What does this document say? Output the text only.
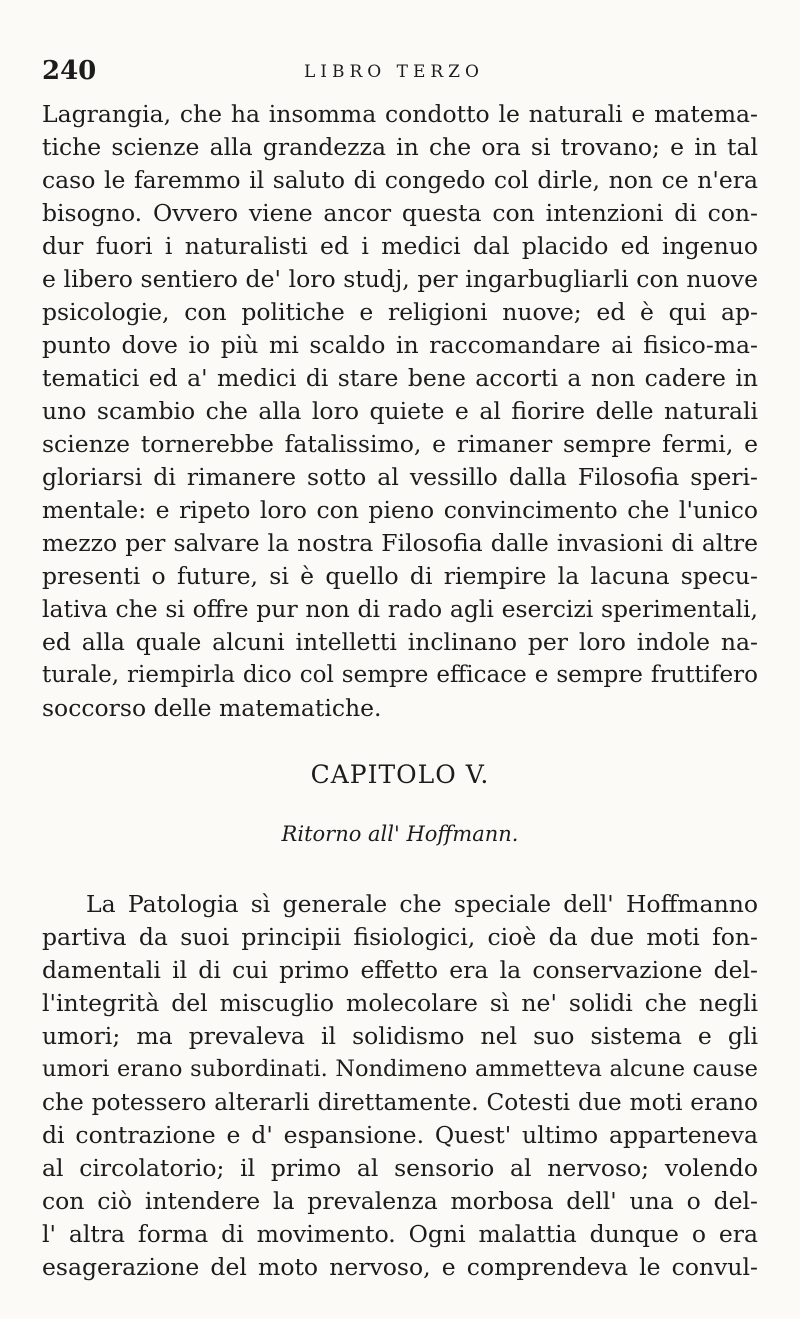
240	LIBRO TERZO
Lagrangia, che ha insomma condotto le naturali e matema-
tiche scienze alla grandezza in che ora si trovano; e in tal
caso le faremmo il saluto di congedo col dirle, non ce n'era
bisogno. Ovvero viene ancor questa con intenzioni di con-
dur fuori i naturalisti ed i medici dal placido ed ingenuo
e libero sentiero de' loro studj, per ingarbugliarli con nuove
psicologie, con politiche e religioni nuove; ed è qui ap-
punto dove io più mi scaldo in raccomandare ai fisico-ma-
tematici ed a' medici di stare bene accorti a non cadere in
uno scambio che alla loro quiete e al fiorire delle naturali
scienze tornerebbe fatalissimo, e rimaner sempre fermi, e
gloriarsi di rimanere sotto al vessillo dalla Filosofia speri-
mentale: e ripeto loro con pieno convincimento che l'unico
mezzo per salvare la nostra Filosofia dalle invasioni di altre
presenti o future, si è quello di riempire la lacuna specu-
lativa che si offre pur non di rado agli esercizi sperimentali,
ed alla quale alcuni intelletti inclinano per loro indole na-
turale, riempirla dico col sempre efficace e sempre fruttifero
soccorso delle matematiche.
CAPITOLO V.
Ritorno all' Hoffmann.
La Patologia sì generale che speciale dell' Hoffmanno
partiva da suoi principii fisiologici, cioè da due moti fon-
damentali il di cui primo effetto era la conservazione del-
l'integrità del miscuglio molecolare sì ne' solidi che negli
umori; ma prevaleva il solidismo nel suo sistema e gli
umori erano subordinati. Nondimeno ammetteva alcune cause
che potessero alterarli direttamente. Cotesti due moti erano
di contrazione e d' espansione. Quest' ultimo apparteneva
al circolatorio; il primo al sensorio al nervoso; volendo
con ciò intendere la prevalenza morbosa dell' una o del-
l' altra forma di movimento. Ogni malattia dunque o era
esagerazione del moto nervoso, e comprendeva le convul-
